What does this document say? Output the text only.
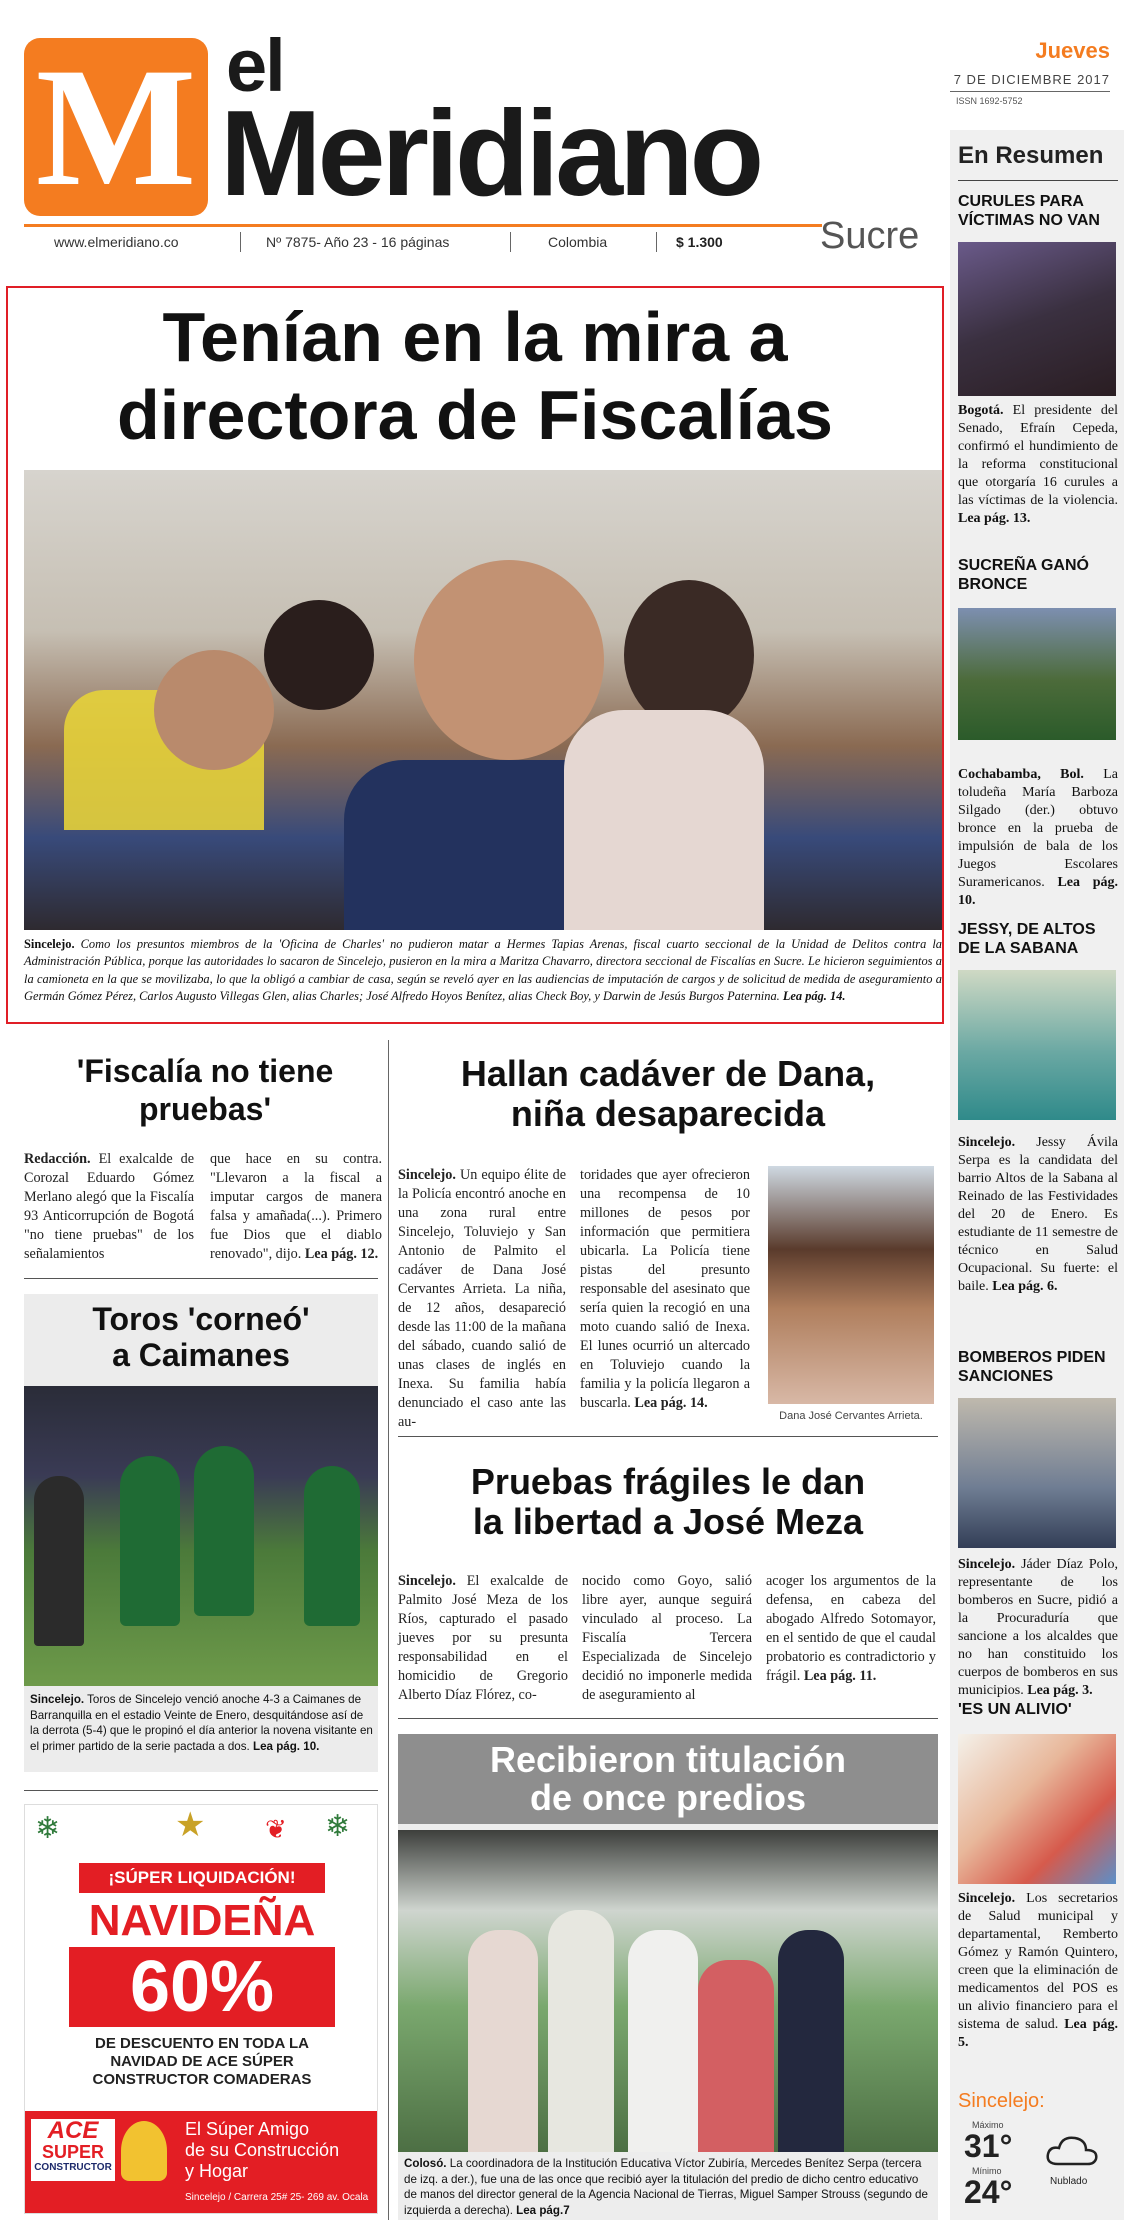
M el
Meridiano
Sucre
www.elmeridiano.co	Nº 7875- Año 23 - 16 páginas	Colombia	$ 1.300
Jueves
7 DE DICIEMBRE 2017
ISSN 1692-5752
En Resumen
CURULES PARA VÍCTIMAS NO VAN

Bogotá. El presidente del Senado, Efraín Cepeda, confirmó el hundimiento de la reforma constitucional que otorgaría 16 curules a las víctimas de la violencia. Lea pág. 13.

SUCREÑA GANÓ BRONCE

Cochabamba, Bol. La toludeña María Barboza Silgado (der.) obtuvo bronce en la prueba de impulsión de bala de los Juegos Escolares Suramericanos. Lea pág. 10.

JESSY, DE ALTOS DE LA SABANA

Sincelejo. Jessy Ávila Serpa es la candidata del barrio Altos de la Sabana al Reinado de las Festividades del 20 de Enero. Es estudiante de 11 semestre de técnico en Salud Ocupacional. Su fuerte: el baile. Lea pág. 6.

BOMBEROS PIDEN SANCIONES

Sincelejo. Jáder Díaz Polo, representante de los bomberos en Sucre, pidió a la Procuraduría que sancione a los alcaldes que no han constituido los cuerpos de bomberos en sus municipios. Lea pág. 3.

'ES UN ALIVIO'

Sincelejo. Los secretarios de Salud municipal y departamental, Remberto Gómez y Ramón Quintero, creen que la eliminación de medicamentos del POS es un alivio financiero para el sistema de salud. Lea pág. 5.

Sincelejo:
Máximo
31°
Mínimo
24°	Nublado
Tenían en la mira a
directora de Fiscalías

Sincelejo. Como los presuntos miembros de la 'Oficina de Charles' no pudieron matar a Hermes Tapias Arenas, fiscal cuarto seccional de la Unidad de Delitos contra la Administración Pública, porque las autoridades lo sacaron de Sincelejo, pusieron en la mira a Maritza Chavarro, directora seccional de Fiscalías en Sucre. Le hicieron seguimientos a la camioneta en la que se movilizaba, lo que la obligó a cambiar de casa, según se reveló ayer en las audiencias de imputación de cargos y de solicitud de medida de aseguramiento a Germán Gómez Pérez, Carlos Augusto Villegas Glen, alias Charles; José Alfredo Hoyos Benítez, alias Check Boy, y Darwin de Jesús Burgos Paternina. Lea pág. 14.

'Fiscalía no tiene pruebas'

Redacción. El exalcalde de Corozal Eduardo Gómez Merlano alegó que la Fiscalía 93 Anticorrupción de Bogotá "no tiene pruebas" de los señalamientos

que hace en su contra. "Llevaron a la fiscal a imputar cargos de manera falsa y amañada(...). Primero fue Dios que el diablo renovado", dijo. Lea pág. 12.

Toros 'corneó'
a Caimanes

Sincelejo. Toros de Sincelejo venció anoche 4-3 a Caimanes de Barranquilla en el estadio Veinte de Enero, desquitándose así de la derrota (5-4) que le propinó el día anterior la novena visitante en el primer partido de la serie pactada a dos. Lea pág. 10.

❄	★	❄
❦
¡SÚPER LIQUIDACIÓN!
NAVIDEÑA
60%
DE DESCUENTO EN TODA LA
NAVIDAD DE ACE SÚPER
CONSTRUCTOR COMADERAS
ACE
SUPER
CONSTRUCTOR
El Súper Amigo
de su Construcción
y Hogar
Sincelejo / Carrera 25# 25- 269 av. Ocala
Hallan cadáver de Dana,
niña desaparecida

Sincelejo. Un equipo élite de la Policía encontró anoche en una zona rural entre Sincelejo, Toluviejo y San Antonio de Palmito el cadáver de Dana José Cervantes Arrieta. La niña, de 12 años, desapareció desde las 11:00 de la mañana del sábado, cuando salió de unas clases de inglés en Inexa. Su familia había denunciado el caso ante las au-

toridades que ayer ofrecieron una recompensa de 10 millones de pesos por información que permitiera ubicarla. La Policía tiene pistas del presunto responsable del asesinato que sería quien la recogió en una moto cuando salió de Inexa. El lunes ocurrió un altercado en Toluviejo cuando la familia y la policía llegaron a buscarla. Lea pág. 14.

Dana José Cervantes Arrieta.
Pruebas frágiles le dan
la libertad a José Meza

Sincelejo. El exalcalde de Palmito José Meza de los Ríos, capturado el pasado jueves por su presunta responsabilidad en el homicidio de Gregorio Alberto Díaz Flórez, co-

nocido como Goyo, salió libre ayer, aunque seguirá vinculado al proceso. La Fiscalía Tercera Especializada de Sincelejo decidió no imponerle medida de aseguramiento al

acoger los argumentos de la defensa, en cabeza del abogado Alfredo Sotomayor, en el sentido de que el caudal probatorio es contradictorio y frágil. Lea pág. 11.

Recibieron titulación
de once predios

Colosó. La coordinadora de la Institución Educativa Víctor Zubiría, Mercedes Benítez Serpa (tercera de izq. a der.), fue una de las once que recibió ayer la titulación del predio de dicho centro educativo de manos del director general de la Agencia Nacional de Tierras, Miguel Samper Strouss (segundo de izquierda a derecha). Lea pág.7
